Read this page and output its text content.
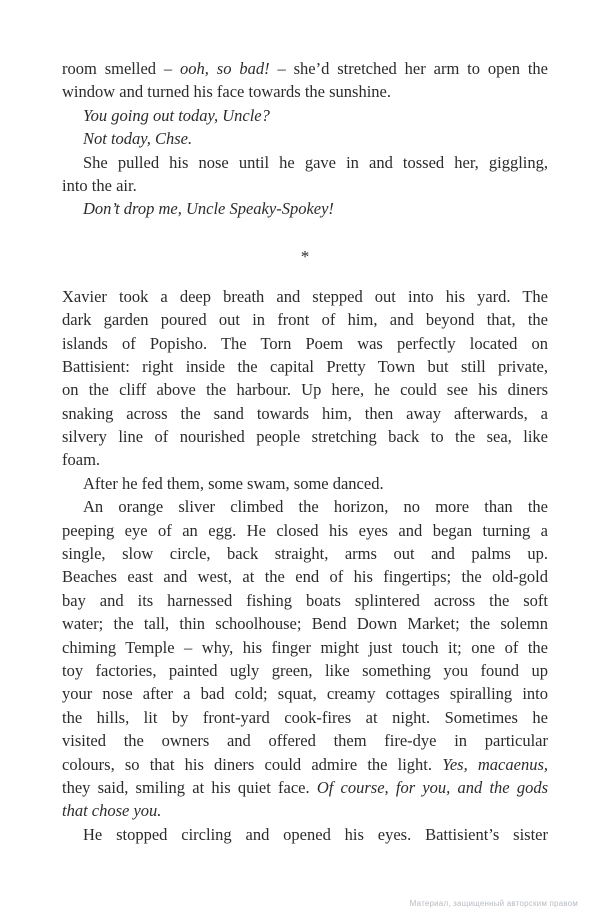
room smelled – ooh, so bad! – she’d stretched her arm to open the
window and turned his face towards the sunshine.
You going out today, Uncle?
Not today, Chse.
She pulled his nose until he gave in and tossed her, giggling,
into the air.
Don’t drop me, Uncle Speaky-Spokey!
*
Xavier took a deep breath and stepped out into his yard. The
dark garden poured out in front of him, and beyond that, the
islands of Popisho. The Torn Poem was perfectly located on
Battisient: right inside the capital Pretty Town but still private,
on the cliff above the harbour. Up here, he could see his diners
snaking across the sand towards him, then away afterwards, a
silvery line of nourished people stretching back to the sea, like
foam.
After he fed them, some swam, some danced.
An orange sliver climbed the horizon, no more than the
peeping eye of an egg. He closed his eyes and began turning a
single, slow circle, back straight, arms out and palms up.
Beaches east and west, at the end of his fingertips; the old-gold
bay and its harnessed fishing boats splintered across the soft
water; the tall, thin schoolhouse; Bend Down Market; the solemn
chiming Temple – why, his finger might just touch it; one of the
toy factories, painted ugly green, like something you found up
your nose after a bad cold; squat, creamy cottages spiralling into
the hills, lit by front-yard cook-fires at night. Sometimes he
visited the owners and offered them fire-dye in particular
colours, so that his diners could admire the light. Yes, macaenus,
they said, smiling at his quiet face. Of course, for you, and the gods
that chose you.
He stopped circling and opened his eyes. Battisient’s sister
Материал, защищенный авторским правом
